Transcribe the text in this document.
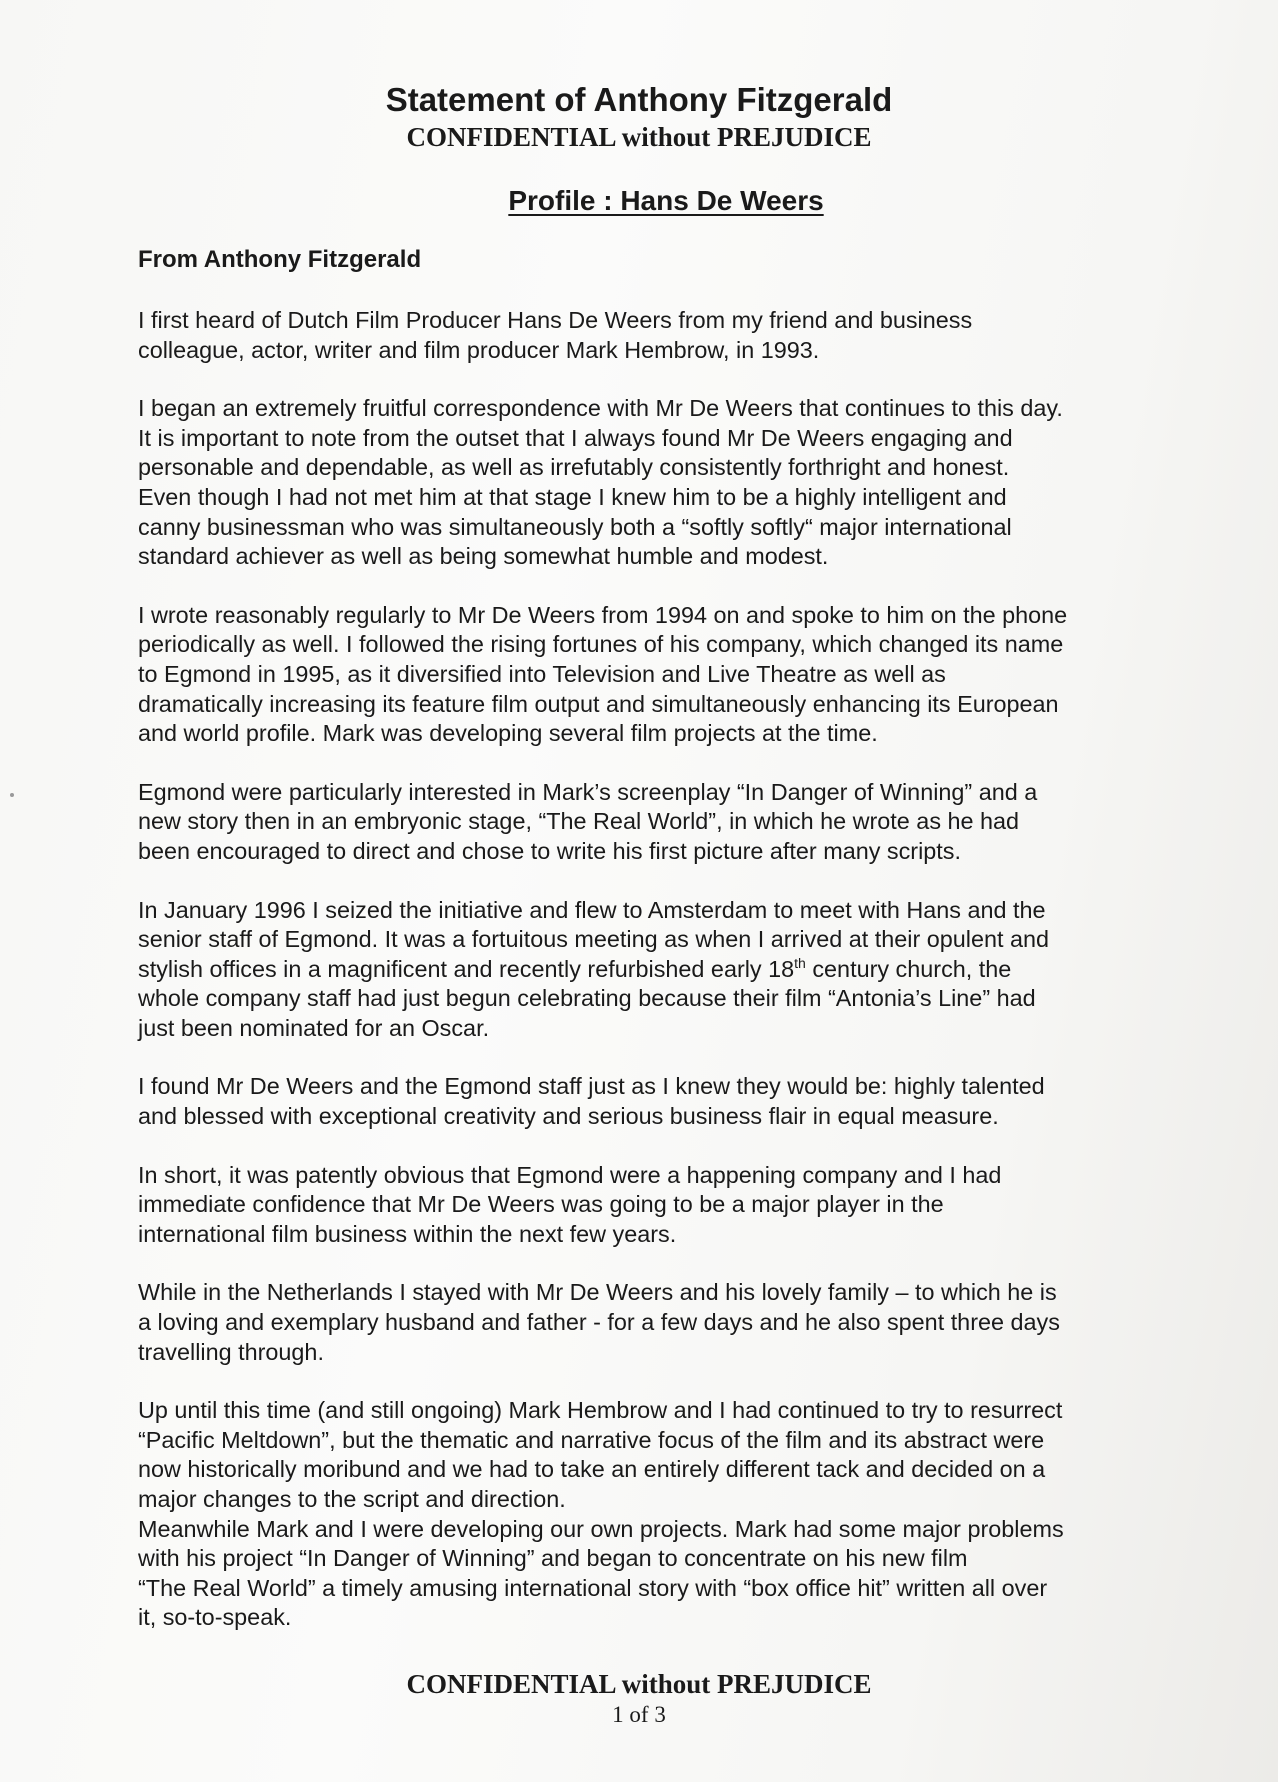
Statement of Anthony Fitzgerald
CONFIDENTIAL without PREJUDICE
Profile : Hans De Weers
From Anthony Fitzgerald

I first heard of Dutch Film Producer Hans De Weers from my friend and business
colleague, actor, writer and film producer Mark Hembrow, in 1993.

I began an extremely fruitful correspondence with Mr De Weers that continues to this day.
It is important to note from the outset that I always found Mr De Weers engaging and
personable and dependable, as well as irrefutably consistently forthright and honest.
Even though I had not met him at that stage I knew him to be a highly intelligent and
canny businessman who was simultaneously both a “softly softly“ major international
standard achiever as well as being somewhat humble and modest.

I wrote reasonably regularly to Mr De Weers from 1994 on and spoke to him on the phone
periodically as well. I followed the rising fortunes of his company, which changed its name
to Egmond in 1995, as it diversified into Television and Live Theatre as well as
dramatically increasing its feature film output and simultaneously enhancing its European
and world profile. Mark was developing several film projects at the time.

Egmond were particularly interested in Mark’s screenplay “In Danger of Winning” and a
new story then in an embryonic stage, “The Real World”, in which he wrote as he had
been encouraged to direct and chose to write his first picture after many scripts.

In January 1996 I seized the initiative and flew to Amsterdam to meet with Hans and the
senior staff of Egmond. It was a fortuitous meeting as when I arrived at their opulent and
stylish offices in a magnificent and recently refurbished early 18th century church, the
whole company staff had just begun celebrating because their film “Antonia’s Line” had
just been nominated for an Oscar.

I found Mr De Weers and the Egmond staff just as I knew they would be: highly talented
and blessed with exceptional creativity and serious business flair in equal measure.

In short, it was patently obvious that Egmond were a happening company and I had
immediate confidence that Mr De Weers was going to be a major player in the
international film business within the next few years.

While in the Netherlands I stayed with Mr De Weers and his lovely family – to which he is
a loving and exemplary husband and father - for a few days and he also spent three days
travelling through.

Up until this time (and still ongoing) Mark Hembrow and I had continued to try to resurrect
“Pacific Meltdown”, but the thematic and narrative focus of the film and its abstract were
now historically moribund and we had to take an entirely different tack and decided on a
major changes to the script and direction.

Meanwhile Mark and I were developing our own projects. Mark had some major problems
with his project “In Danger of Winning” and began to concentrate on his new film
“The Real World” a timely amusing international story with “box office hit” written all over
it, so-to-speak.

CONFIDENTIAL without PREJUDICE
1 of 3
